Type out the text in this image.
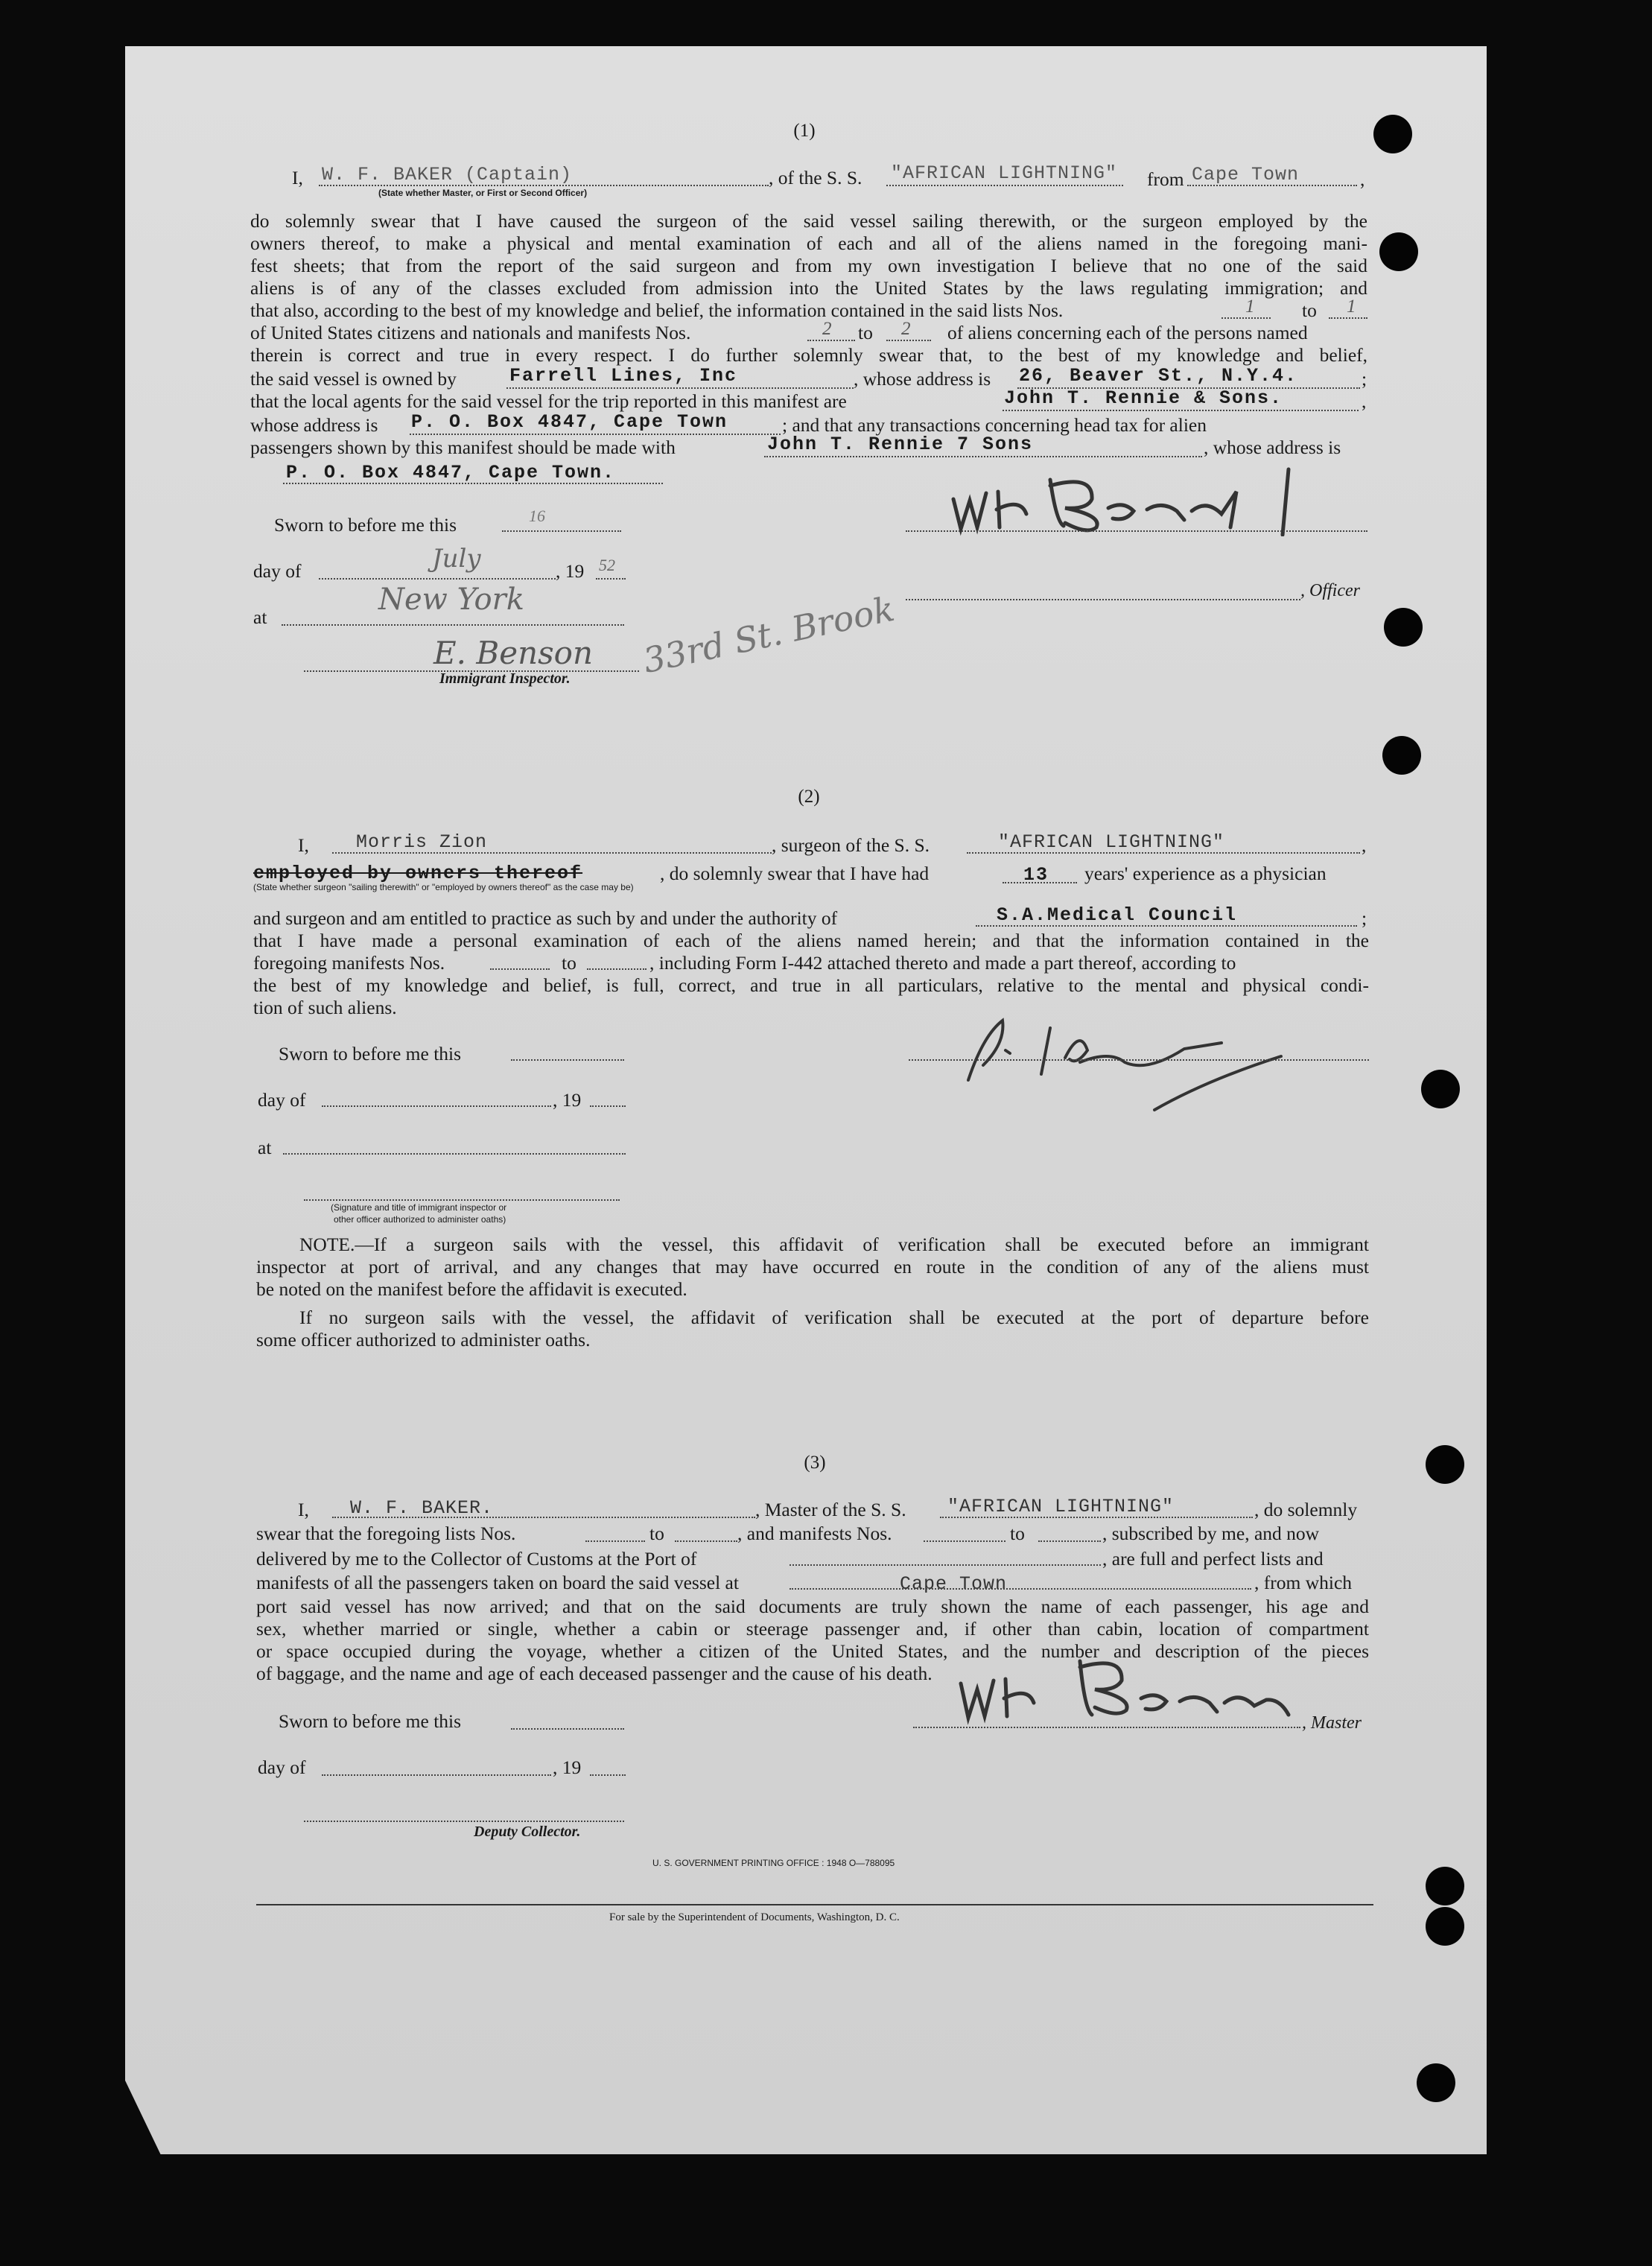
(1)
I, W. F. BAKER (Captain)
(State whether Master, or First or Second Officer)
, of the S. S. "AFRICAN LIGHTNING" from Cape Town	,
do solemnly swear that I have caused the surgeon of the said vessel sailing therewith, or the surgeon employed by the
owners thereof, to make a physical and mental examination of each and all of the aliens named in the foregoing mani-
fest sheets; that from the report of the said surgeon and from my own investigation I believe that no one of the said
aliens is of any of the classes excluded from admission into the United States by the laws regulating immigration; and
that also, according to the best of my knowledge and belief, the information contained in the said lists Nos.	1 to 1
of United States citizens and nationals and manifests Nos.	2 to 2 of aliens concerning each of the persons named
therein is correct and true in every respect. I do further solemnly swear that, to the best of my knowledge and belief,
the said vessel is owned by	Farrell Lines, Inc	, whose address is 26, Beaver St., N.Y.4.	;
that the local agents for the said vessel for the trip reported in this manifest are	John T. Rennie & Sons.	,
whose address is P. O. Box 4847, Cape Town	; and that any transactions concerning head tax for alien
passengers shown by this manifest should be made with	John T. Rennie 7 Sons	, whose address is
P. O. Box 4847, Cape Town.
Sworn to before me this	16
day of	July	, 19 52
at
New York
E. Benson
Immigrant Inspector. 33rd St. Brook	, Officer
(2)
I,	Morris Zion	, surgeon of the S. S.	"AFRICAN LIGHTNING"	,
employed by owners thereof
(State whether surgeon "sailing therewith" or "employed by owners thereof" as the case may be)
, do solemnly swear that I have had	13 years' experience as a physician
and surgeon and am entitled to practice as such by and under the authority of	S.A.Medical Council	;
that I have made a personal examination of each of the aliens named herein; and that the information contained in the
foregoing manifests Nos.	to	, including Form I-442 attached thereto and made a part thereof, according to
the best of my knowledge and belief, is full, correct, and true in all particulars, relative to the mental and physical condi-
tion of such aliens.
Sworn to before me this
day of	, 19
at
(Signature and title of immigrant inspector or
other officer authorized to administer oaths)
NOTE.—If a surgeon sails with the vessel, this affidavit of verification shall be executed before an immigrant
inspector at port of arrival, and any changes that may have occurred en route in the condition of any of the aliens must
be noted on the manifest before the affidavit is executed.
If no surgeon sails with the vessel, the affidavit of verification shall be executed at the port of departure before
some officer authorized to administer oaths.
(3)
I, W. F. BAKER.	, Master of the S. S. "AFRICAN LIGHTNING"	, do solemnly
swear that the foregoing lists Nos.	to	, and manifests Nos.	to	, subscribed by me, and now
delivered by me to the Collector of Customs at the Port of	, are full and perfect lists and
manifests of all the passengers taken on board the said vessel at	Cape Town	, from which
port said vessel has now arrived; and that on the said documents are truly shown the name of each passenger, his age and
sex, whether married or single, whether a cabin or steerage passenger and, if other than cabin, location of compartment
or space occupied during the voyage, whether a citizen of the United States, and the number and description of the pieces
of baggage, and the name and age of each deceased passenger and the cause of his death.
Sworn to before me this	, Master
day of	, 19
Deputy Collector.
U. S. GOVERNMENT PRINTING OFFICE : 1948 O—788095
For sale by the Superintendent of Documents, Washington, D. C.
